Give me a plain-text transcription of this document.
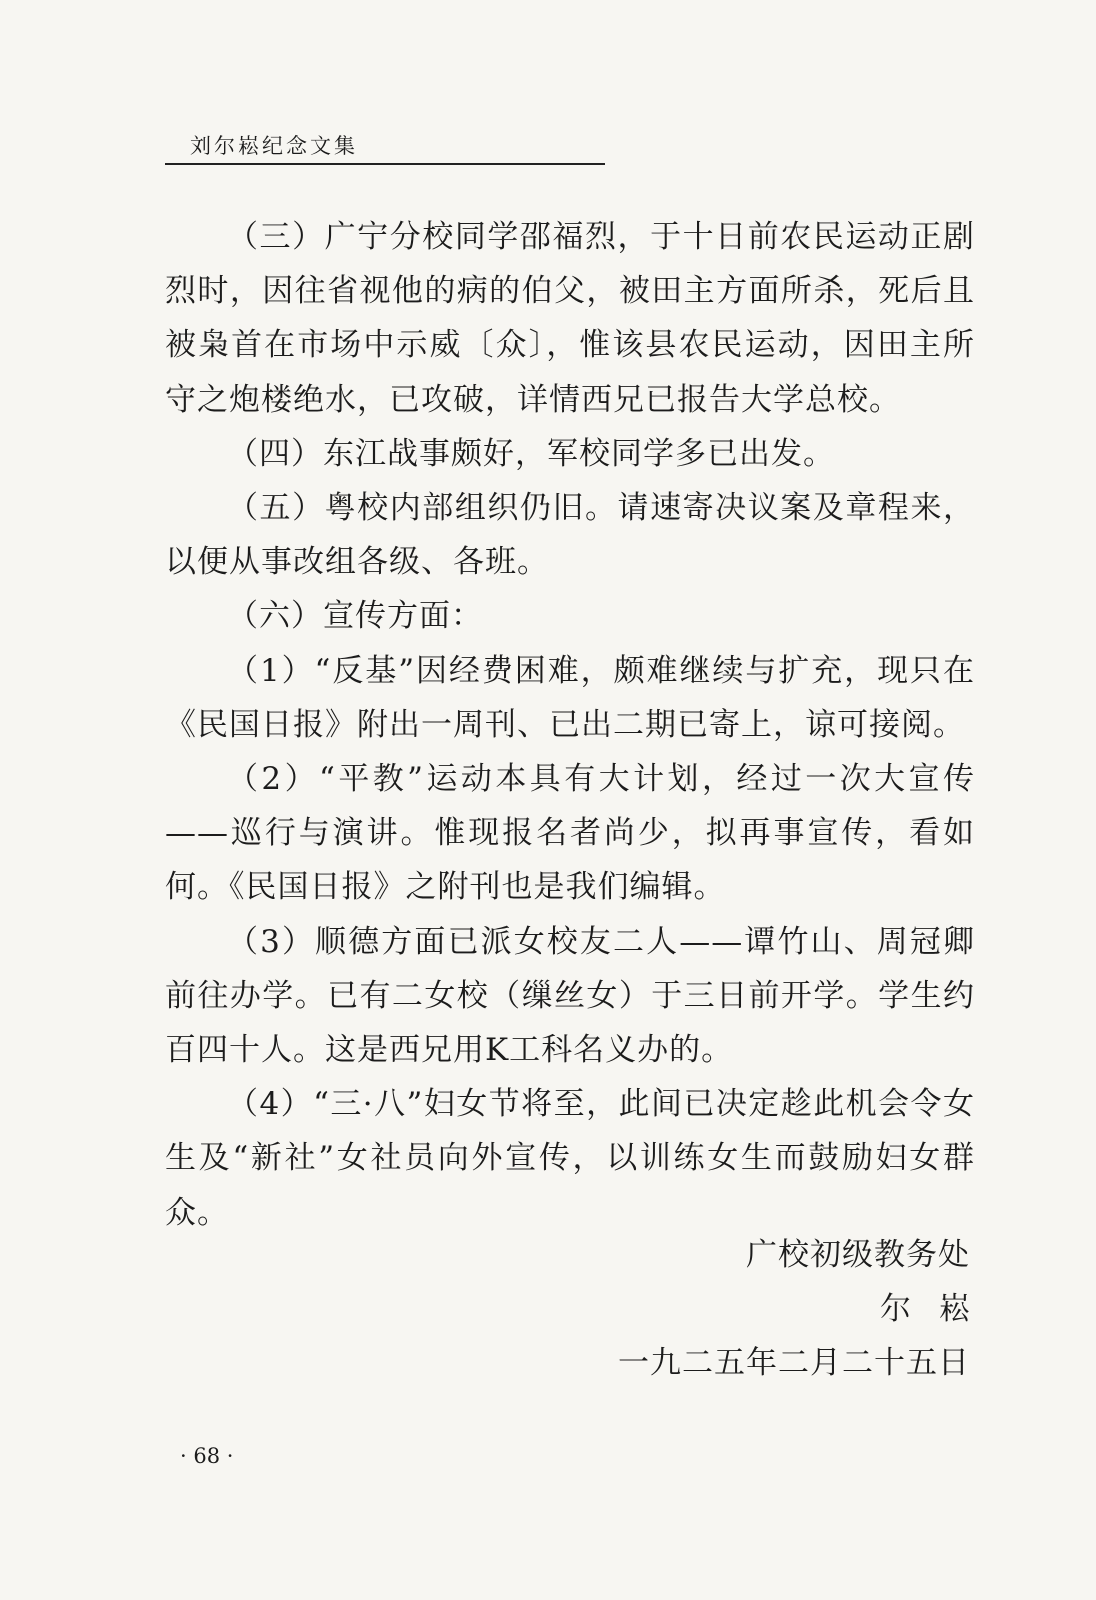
刘尔崧纪念文集

（三）广宁分校同学邵福烈，于十日前农民运动正剧烈时，因往省视他的病的伯父，被田主方面所杀，死后且被枭首在市场中示威〔众〕，惟该县农民运动，因田主所守之炮楼绝水，已攻破，详情西兄已报告大学总校。

（四）东江战事颇好，军校同学多已出发。

（五）粤校内部组织仍旧。请速寄决议案及章程来，以便从事改组各级、各班。

（六）宣传方面：

（1）“反基”因经费困难，颇难继续与扩充，现只在《民国日报》附出一周刊、已出二期已寄上，谅可接阅。

（2）“平教”运动本具有大计划，经过一次大宣传——巡行与演讲。惟现报名者尚少，拟再事宣传，看如何。《民国日报》之附刊也是我们编辑。

（3）顺德方面已派女校友二人——谭竹山、周冠卿前往办学。已有二女校（缫丝女）于三日前开学。学生约百四十人。这是西兄用K工科名义办的。

（4）“三·八”妇女节将至，此间已决定趁此机会令女生及“新社”女社员向外宣传，以训练女生而鼓励妇女群众。

广校初级教务处
尔崧
一九二五年二月二十五日
· 68 ·
